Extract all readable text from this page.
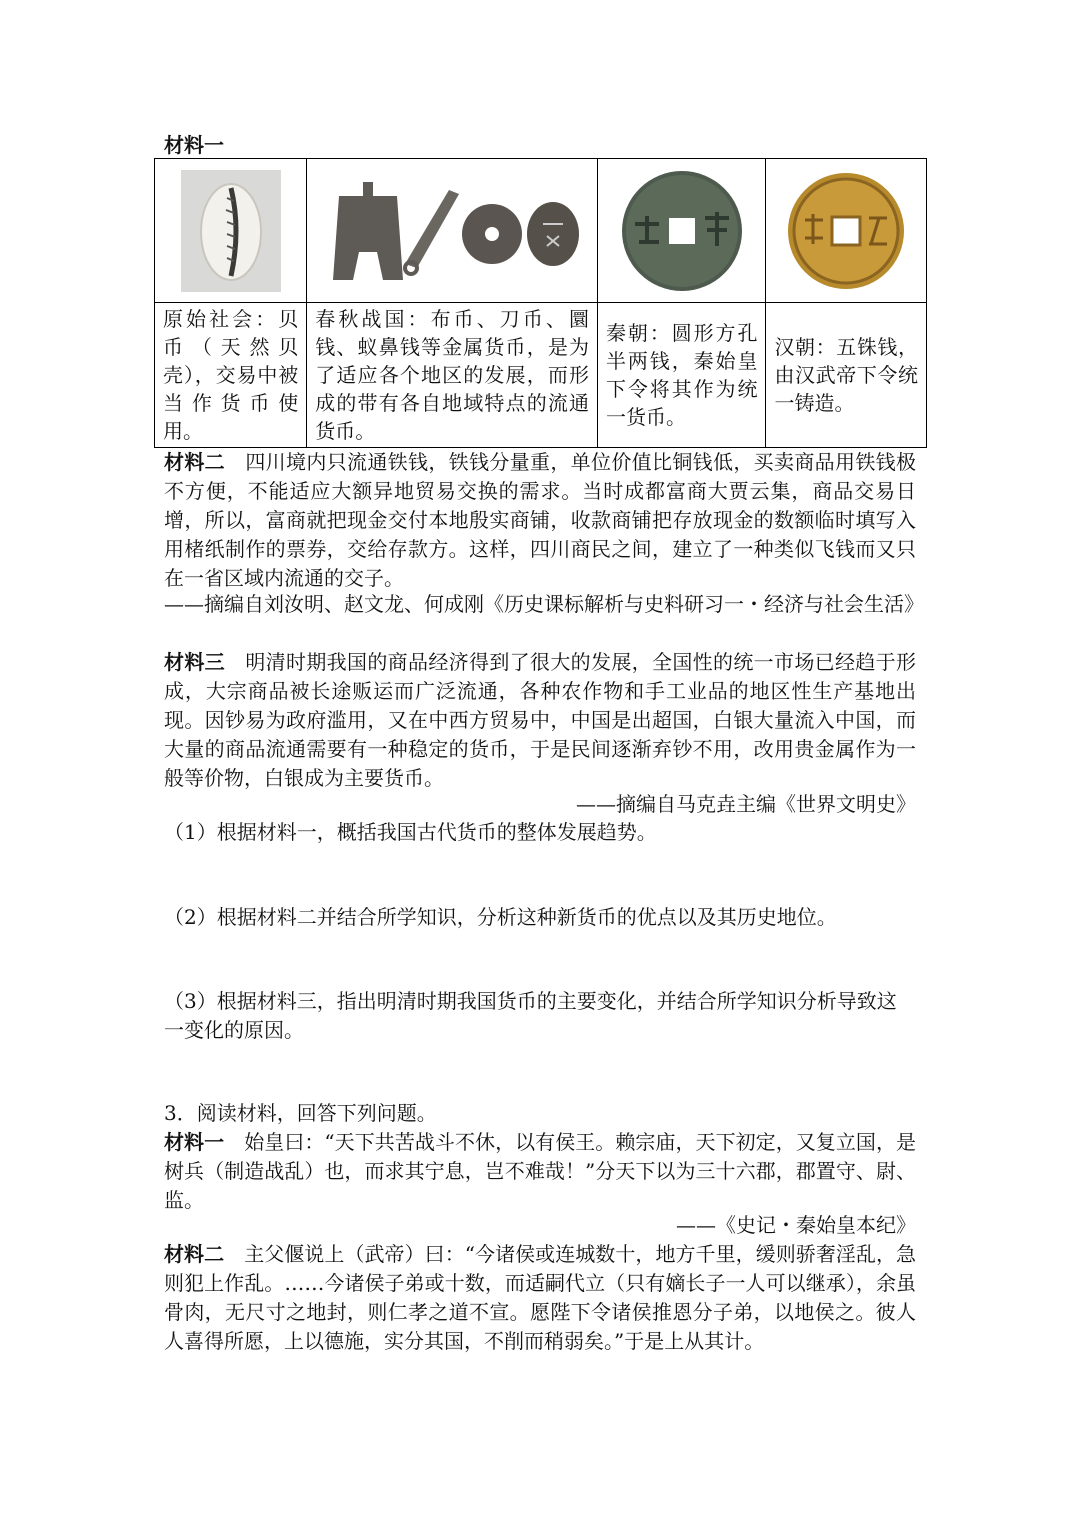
材料一

原始社会：贝币（天然贝壳），交易中被当作货币使用。	春秋战国：布币、刀币、圜钱、蚁鼻钱等金属货币，是为了适应各个地区的发展，而形成的带有各自地域特点的流通货币。	秦朝：圆形方孔半两钱，秦始皇下令将其作为统一货币。	汉朝：五铢钱，由汉武帝下令统一铸造。
材料二　 四川境内只流通铁钱，铁钱分量重，单位价值比铜钱低，买卖商品用铁钱极不方便，不能适应大额异地贸易交换的需求。当时成都富商大贾云集，商品交易日增，所以，富商就把现金交付本地殷实商铺，收款商铺把存放现金的数额临时填写入用楮纸制作的票券，交给存款方。这样，四川商民之间，建立了一种类似飞钱而又只在一省区域内流通的交子。
——摘编自刘汝明、赵文龙、何成刚《历史课标解析与史料研习一・经济与社会生活》
材料三　 明清时期我国的商品经济得到了很大的发展，全国性的统一市场已经趋于形成，大宗商品被长途贩运而广泛流通，各种农作物和手工业品的地区性生产基地出现。因钞易为政府滥用，又在中西方贸易中，中国是出超国，白银大量流入中国，而大量的商品流通需要有一种稳定的货币，于是民间逐渐弃钞不用，改用贵金属作为一般等价物，白银成为主要货币。
——摘编自马克垚主编《世界文明史》
（1）根据材料一，概括我国古代货币的整体发展趋势。
（2）根据材料二并结合所学知识，分析这种新货币的优点以及其历史地位。
（3）根据材料三，指出明清时期我国货币的主要变化，并结合所学知识分析导致这一变化的原因。
3．阅读材料，回答下列问题。
材料一　 始皇曰：“天下共苦战斗不休，以有侯王。赖宗庙，天下初定，又复立国，是树兵（制造战乱）也，而求其宁息，岂不难哉！”分天下以为三十六郡，郡置守、尉、监。
——《史记・秦始皇本纪》
材料二　 主父偃说上（武帝）曰：“今诸侯或连城数十，地方千里，缓则骄奢淫乱，急则犯上作乱。……今诸侯子弟或十数，而适嗣代立（只有嫡长子一人可以继承），余虽骨肉，无尺寸之地封，则仁孝之道不宣。愿陛下令诸侯推恩分子弟，以地侯之。彼人人喜得所愿，上以德施，实分其国，不削而稍弱矣。”于是上从其计。
